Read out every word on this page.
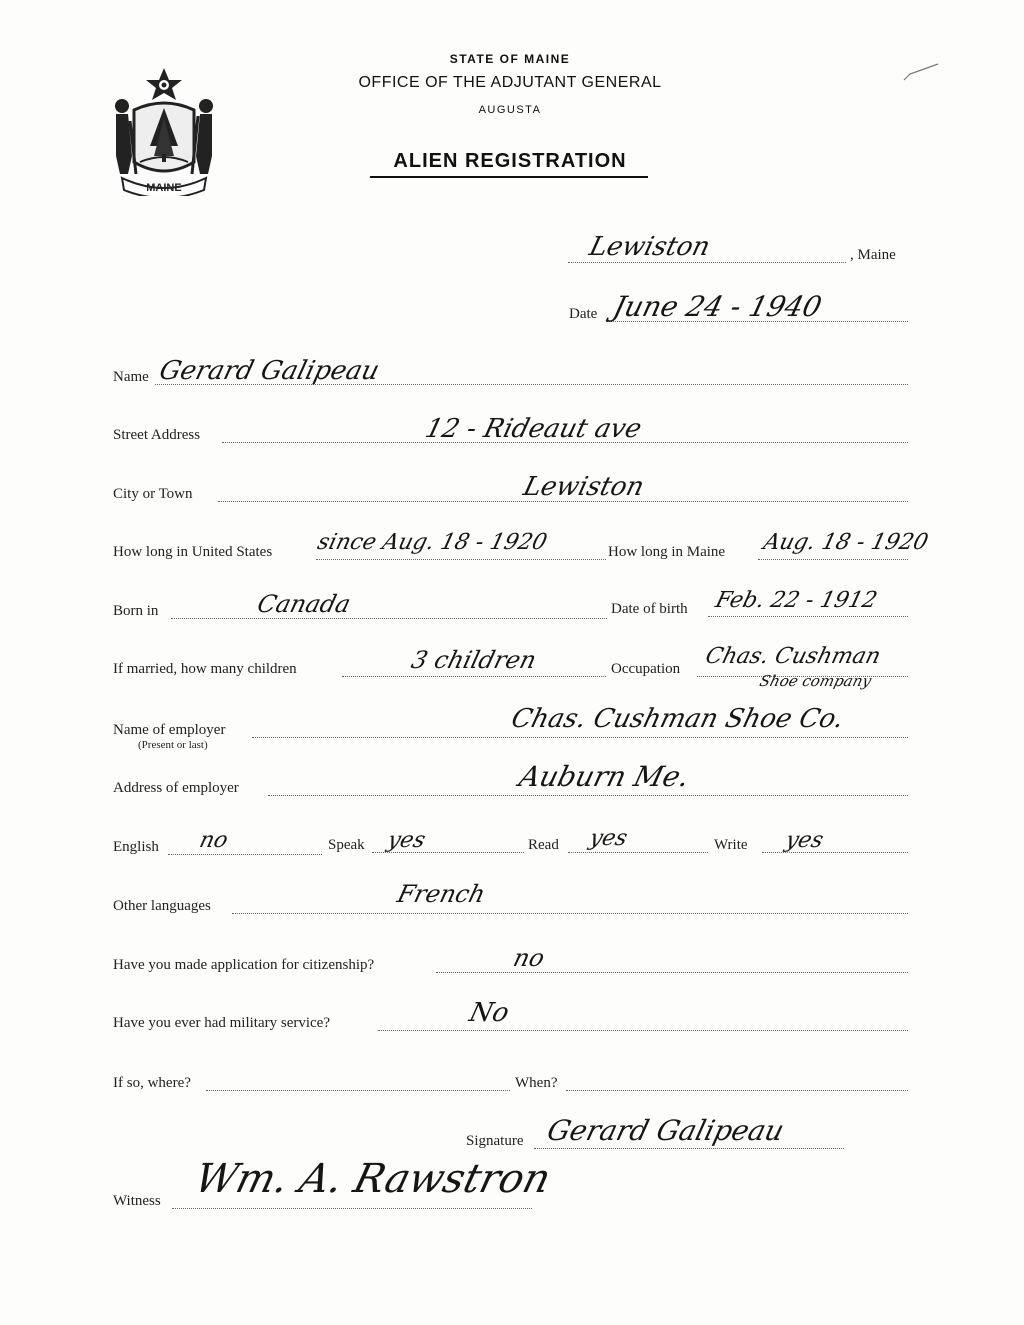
MAINE
STATE OF MAINE
OFFICE OF THE ADJUTANT GENERAL
AUGUSTA
ALIEN REGISTRATION
Lewiston	, Maine
Date June 24 - 1940
Name Gerard Galipeau
Street Address	12 - Rideaut ave
City or Town	Lewiston
How long in United States since Aug. 18 - 1920	How long in Maine Aug. 18 - 1920
Born in	Canada	Date of birth Feb. 22 - 1912
If married, how many children	3 children	Occupation Chas. Cushman
Shoe company
Name of employer
(Present or last)
Chas. Cushman Shoe Co.
Address of employer	Auburn Me.
English no	Speak yes	Read yes	Write yes
Other languages	French
Have you made application for citizenship?	no
Have you ever had military service?	No
If so, where?	When?
Signature Gerard Galipeau
Witness Wm. A. Rawstron
